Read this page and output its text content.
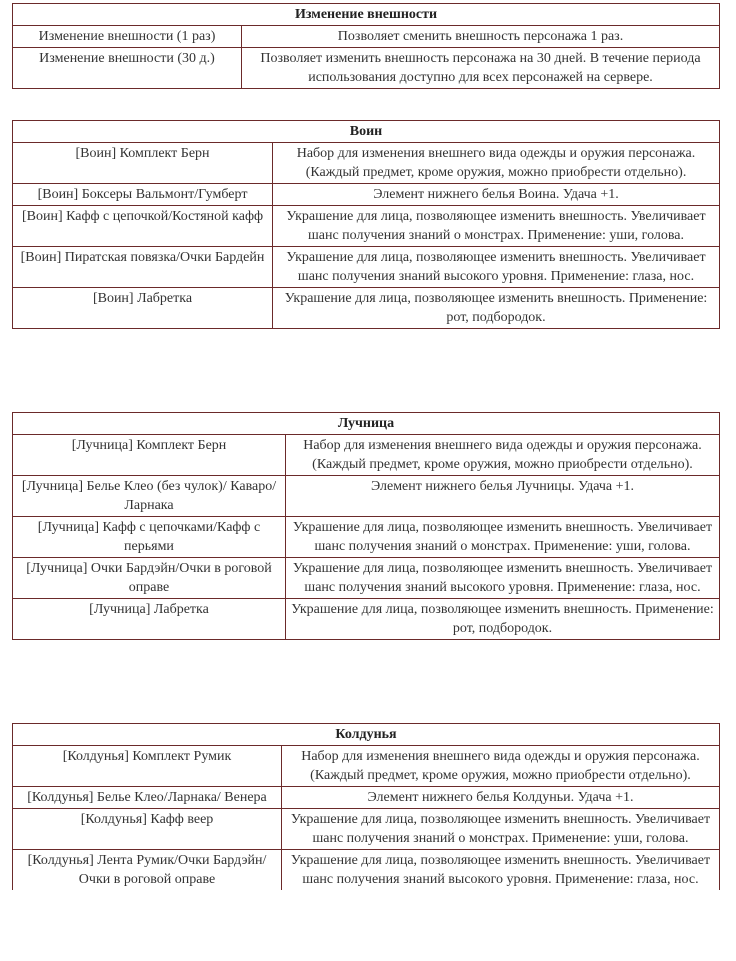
Изменение внешности	
Изменение внешности (1 раз)	Позволяет сменить внешность персонажа 1 раз.
Изменение внешности (30 д.)	Позволяет изменить внешность персонажа на 30 дней. В течение периода использования доступно для всех персонажей на сервере.
Воин	
[Воин] Комплект Берн	Набор для изменения внешнего вида одежды и оружия персонажа. (Каждый предмет, кроме оружия, можно приобрести отдельно).
[Воин] Боксеры Вальмонт/Гумберт	Элемент нижнего белья Воина. Удача +1.
[Воин] Кафф с цепочкой/Костяной кафф	Украшение для лица, позволяющее изменить внешность. Увеличивает шанс получения знаний о монстрах. Применение: уши, голова.
[Воин] Пиратская повязка/Очки Бардейн	Украшение для лица, позволяющее изменить внешность. Увеличивает шанс получения знаний высокого уровня. Применение: глаза, нос.
[Воин] Лабретка	Украшение для лица, позволяющее изменить внешность. Применение: рот, подбородок.
Лучница	
[Лучница] Комплект Берн	Набор для изменения внешнего вида одежды и оружия персонажа. (Каждый предмет, кроме оружия, можно приобрести отдельно).
[Лучница] Белье Клео (без чулок)/ Каваро/Ларнака	Элемент нижнего белья Лучницы. Удача +1.
[Лучница] Кафф с цепочками/Кафф с перьями	Украшение для лица, позволяющее изменить внешность. Увеличивает шанс получения знаний о монстрах. Применение: уши, голова.
[Лучница] Очки Бардэйн/Очки в роговой оправе	Украшение для лица, позволяющее изменить внешность. Увеличивает шанс получения знаний высокого уровня. Применение: глаза, нос.
[Лучница] Лабретка	Украшение для лица, позволяющее изменить внешность. Применение: рот, подбородок.
Колдунья	
[Колдунья] Комплект Румик	Набор для изменения внешнего вида одежды и оружия персонажа. (Каждый предмет, кроме оружия, можно приобрести отдельно).
[Колдунья] Белье Клео/Ларнака/ Венера	Элемент нижнего белья Колдуньи. Удача +1.
[Колдунья] Кафф веер	Украшение для лица, позволяющее изменить внешность. Увеличивает шанс получения знаний о монстрах. Применение: уши, голова.
[Колдунья] Лента Румик/Очки Бардэйн/Очки в роговой оправе	Украшение для лица, позволяющее изменить внешность. Увеличивает шанс получения знаний высокого уровня. Применение: глаза, нос.
